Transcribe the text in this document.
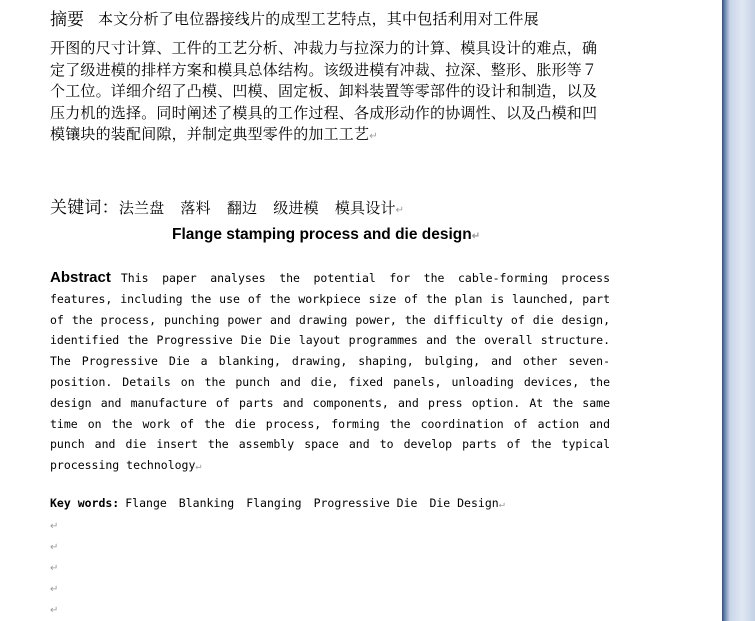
摘要 本文分析了电位器接线片的成型工艺特点，其中包括利用对工件展
开图的尺寸计算、工件的工艺分析、冲裁力与拉深力的计算、模具设计的难点，确定了级进模的排样方案和模具总体结构。该级进模有冲裁、拉深、整形、胀形等７个工位。详细介绍了凸模、凹模、固定板、卸料装置等零部件的设计和制造，以及压力机的选择。同时阐述了模具的工作过程、各成形动作的协调性、以及凸模和凹模镶块的装配间隙，并制定典型零件的加工工艺↵
关键词：法兰盘 落料 翻边 级进模 模具设计↵
Flange stamping process and die design↵
Abstract This paper analyses the potential for the cable-forming process features, including the use of the workpiece size of the plan is launched, part of the process, punching power and drawing power, the difficulty of die design, identified the Progressive Die Die layout programmes and the overall structure. The Progressive Die a blanking, drawing, shaping, bulging, and other seven-position. Details on the punch and die, fixed panels, unloading devices, the design and manufacture of parts and components, and press option. At the same time on the work of the die process, forming the coordination of action and punch and die insert the assembly space and to develop parts of the typical processing technology↵
Key words: Flange Blanking Flanging Progressive Die Die Design↵
↵
↵
↵
↵
↵
